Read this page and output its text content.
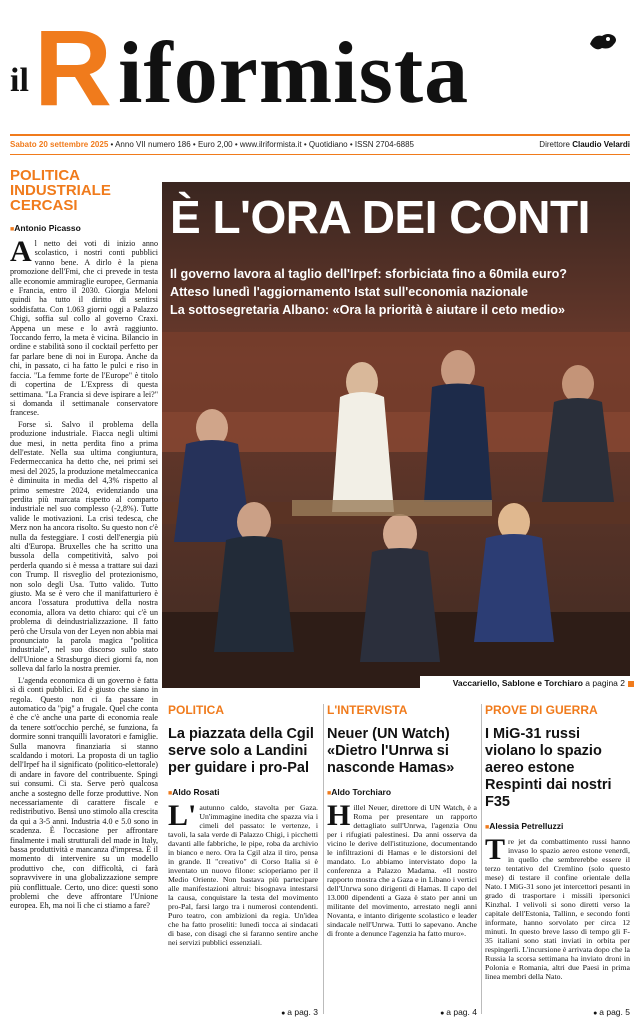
il R iformista
Sabato 20 settembre 2025 • Anno VII numero 186 • Euro 2,00 • www.ilriformista.it • Quotidiano • ISSN 2704-6885	Direttore Claudio Velardi
POLITICA INDUSTRIALE CERCASI
■ Antonio Picasso

Al netto dei voti di inizio anno scolastico, i nostri conti pubblici vanno bene. A dirlo è la piena promozione dell'Fmi, che ci prevede in testa alle economie ammiraglie europee, Germania e Francia, entro il 2030. Giorgia Meloni quindi ha tutto il diritto di sentirsi soddisfatta. Con 1.063 giorni oggi a Palazzo Chigi, soffia sul collo al governo Craxi. Appena un mese e lo avrà raggiunto. Toccando ferro, la meta è vicina. Bilancio in ordine e stabilità sono il cocktail perfetto per far parlare bene di noi in Europa. Anche da chi, in passato, ci ha fatto le pulci e riso in faccia. "La femme forte de l'Europe" è titolo di copertina de L'Express di questa settimana. "La Francia si deve ispirare a lei?" si domanda il settimanale conservatore francese.

Forse sì. Salvo il problema della produzione industriale. Fiacca negli ultimi due mesi, in netta perdita fino a prima dell'estate. Nella sua ultima congiuntura, Federmeccanica ha detto che, nei primi sei mesi del 2025, la produzione metalmeccanica è diminuita in media del 4,3% rispetto al primo semestre 2024, evidenziando una perdita più marcata rispetto al comparto industriale nel suo complesso (-2,8%). Tutte valide le motivazioni. La crisi tedesca, che Merz non ha ancora risolto. Su questo non c'è nulla da festeggiare. I costi dell'energia più alti d'Europa. Bruxelles che ha scritto una bussola della competitività, salvo poi perderla quando si è messa a trattare sui dazi con Trump. Il risveglio del protezionismo, non solo degli Usa. Tutto valido. Tutto giusto. Ma se è vero che il manifatturiero è ancora l'ossatura produttiva della nostra economia, allora va detto chiaro: qui c'è un problema di deindustrializzazione. Il fatto però che Ursula von der Leyen non abbia mai pronunciato la parola magica "politica industriale", nel suo discorso sullo stato dell'Unione a Strasburgo dieci giorni fa, non solleva dal farlo la nostra premier.

L'agenda economica di un governo è fatta sì di conti pubblici. Ed è giusto che siano in regola. Questo non ci fa passare in automatico da "pig" a frugale. Quel che conta è che c'è anche una parte di economia reale da tenere sott'occhio perché, se funziona, fa dormire sonni tranquilli lavoratori e famiglie. Sulla manovra finanziaria si stanno scaldando i motori. La proposta di un taglio dell'Irpef ha il significato (politico-elettorale) di andare in favore del contribuente. Spingi sui consumi. Ci sta. Serve però qualcosa anche a sostegno delle forze produttive. Non necessariamente di carattere fiscale e redistributivo. Bensì uno stimolo alla crescita da qui a 3-5 anni. Industria 4.0 e 5.0 sono in scadenza. È l'occasione per affrontare finalmente i mali strutturali del made in Italy, bassa produttività e mancanza d'impresa. È il momento di intervenire su un modello produttivo che, con difficoltà, ci farà sopravvivere in una globalizzazione sempre più conflittuale. Certo, uno dice: questi sono problemi che deve affrontare l'Unione europea. Eh, ma noi lì che ci stiamo a fare?

È L'ORA DEI CONTI
Il governo lavora al taglio dell'Irpef: sforbiciata fino a 60mila euro?
Atteso lunedì l'aggiornamento Istat sull'economia nazionale
La sottosegretaria Albano: «Ora la priorità è aiutare il ceto medio»
Vaccariello, Sablone e Torchiaro a pagina 2
POLITICA
La piazzata della Cgil serve solo a Landini per guidare i pro-Pal
■ Aldo Rosati

L'autunno caldo, stavolta per Gaza. Un'immagine inedita che spazza via i cimeli del passato: le vertenze, i tavoli, la sala verde di Palazzo Chigi, i picchetti davanti alle fabbriche, le pipe, roba da archivio in bianco e nero. Ora la Cgil alza il tiro, pensa in grande. Il "creativo" di Corso Italia si è inventato un nuovo filone: scioperiamo per il Medio Oriente. Non bastava più partecipare alle manifestazioni altrui: bisognava intestarsi la causa, conquistare la testa del movimento pro-Pal, farsi largo tra i numerosi contendenti. Puro teatro, con ambizioni da regia. Un'idea che ha fatto proseliti: lunedì tocca ai sindacati di base, con disagi che si faranno sentire anche nei servizi pubblici essenziali.

● a pag. 3
L'INTERVISTA
Neuer (UN Watch) «Dietro l'Unrwa si nasconde Hamas»
■ Aldo Torchiaro

Hillel Neuer, direttore di UN Watch, è a Roma per presentare un rapporto dettagliato sull'Unrwa, l'agenzia Onu per i rifugiati palestinesi. Da anni osserva da vicino le derive dell'istituzione, documentando le infiltrazioni di Hamas e le distorsioni del mandato. Lo abbiamo intervistato dopo la conferenza a Palazzo Madama. «Il nostro rapporto mostra che a Gaza e in Libano i vertici dell'Unrwa sono dirigenti di Hamas. Il capo del 13.000 dipendenti a Gaza è stato per anni un militante del movimento, arrestato negli anni Novanta, e intanto dirigente scolastico e leader sindacale nell'Unrwa. Tutti lo sapevano. Anche di fronte a denunce l'agenzia ha fatto muro».

● a pag. 4
PROVE DI GUERRA
I MiG-31 russi violano lo spazio aereo estone Respinti dai nostri F35
■ Alessia Petrelluzzi

Tre jet da combattimento russi hanno invaso lo spazio aereo estone venerdì, in quello che sembrerebbe essere il terzo tentativo del Cremlino (solo questo mese) di testare il confine orientale della Nato. I MiG-31 sono jet intercettori pesanti in grado di trasportare i missili ipersonici Kinzhal. I velivoli si sono diretti verso la capitale dell'Estonia, Tallinn, e secondo fonti informate, hanno sorvolato per circa 12 minuti. In questo breve lasso di tempo gli F-35 italiani sono stati inviati in orbita per respingerli. L'incursione è arrivata dopo che la Russia la scorsa settimana ha inviato droni in Polonia e Romania, altri due Paesi in prima linea membri della Nato.

● a pag. 5
